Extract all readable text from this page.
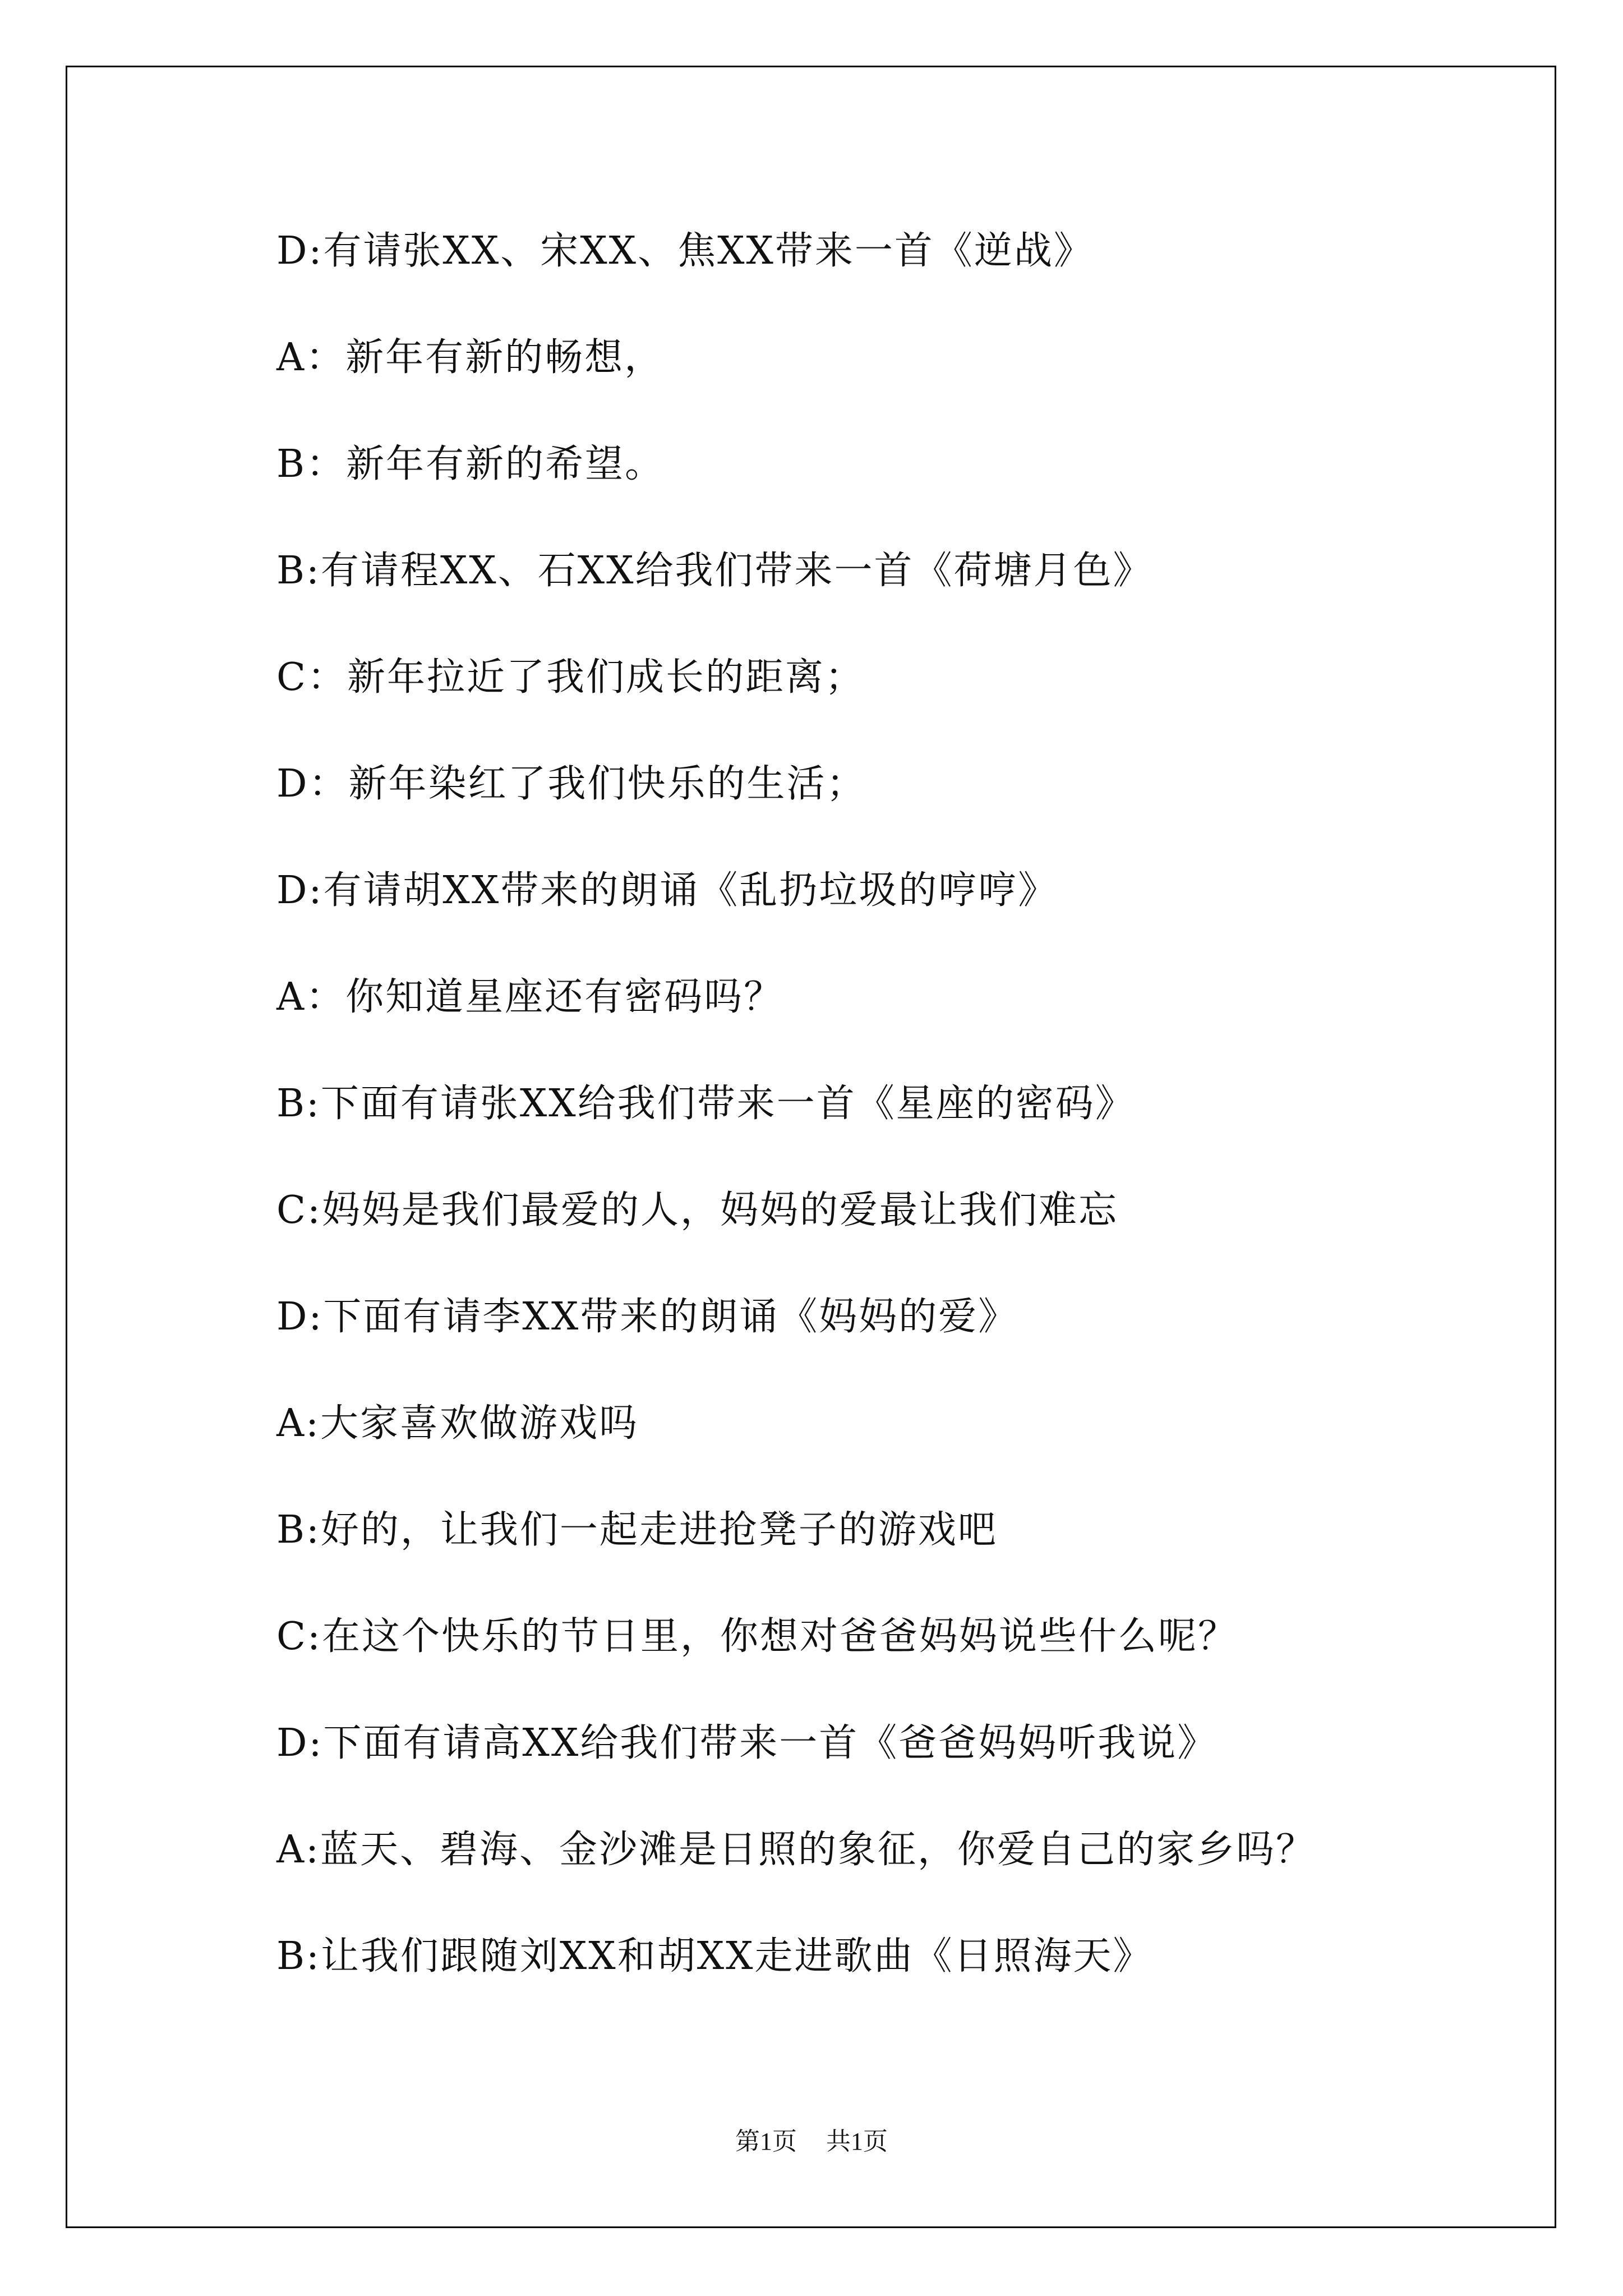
D:有请张XX、宋XX、焦XX带来一首《逆战》
A：新年有新的畅想，
B：新年有新的希望。
B:有请程XX、石XX给我们带来一首《荷塘月色》
C：新年拉近了我们成长的距离；
D：新年染红了我们快乐的生活；
D:有请胡XX带来的朗诵《乱扔垃圾的哼哼》
A：你知道星座还有密码吗？
B:下面有请张XX给我们带来一首《星座的密码》
C:妈妈是我们最爱的人，妈妈的爱最让我们难忘
D:下面有请李XX带来的朗诵《妈妈的爱》
A:大家喜欢做游戏吗
B:好的，让我们一起走进抢凳子的游戏吧
C:在这个快乐的节日里，你想对爸爸妈妈说些什么呢？
D:下面有请高XX给我们带来一首《爸爸妈妈听我说》
A:蓝天、碧海、金沙滩是日照的象征，你爱自己的家乡吗？
B:让我们跟随刘XX和胡XX走进歌曲《日照海天》
第1页 共1页
